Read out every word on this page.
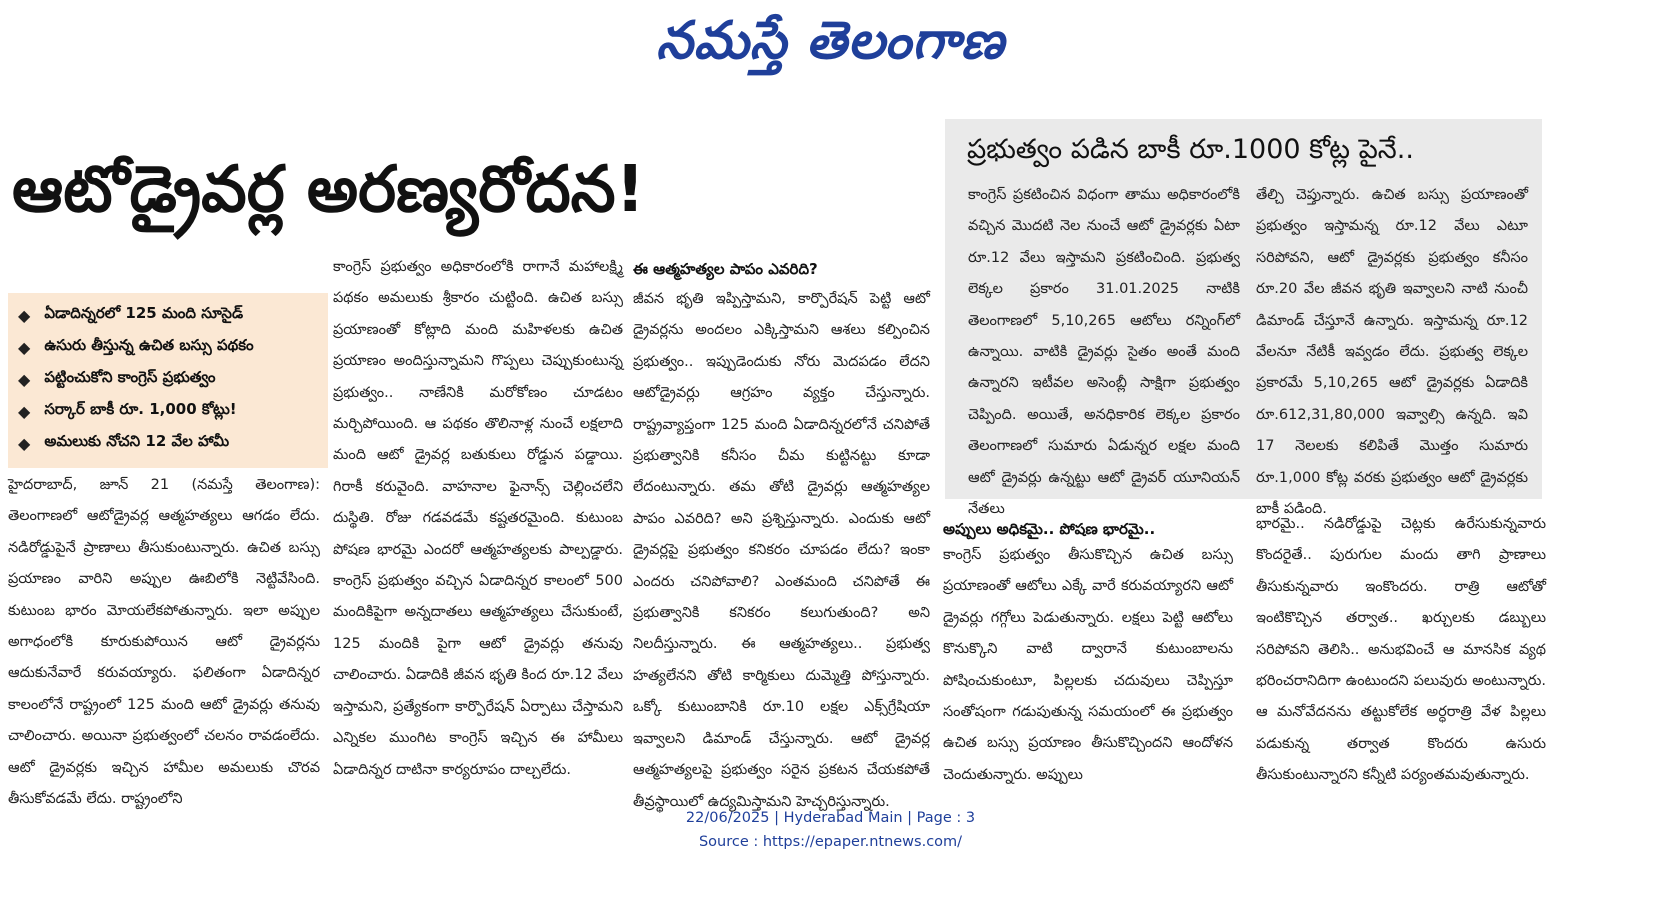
నమస్తే తెలంగాణ
ఆటోడ్రైవర్ల అరణ్యరోదన!
◆ ఏడాదిన్నరలో 125 మంది సూసైడ్
◆ ఉసురు తీస్తున్న ఉచిత బస్సు పథకం
◆ పట్టించుకోని కాంగ్రెస్ ప్రభుత్వం
◆ సర్కార్ బాకీ రూ. 1,000 కోట్లు!
◆ అమలుకు నోచని 12 వేల హామీ

హైదరాబాద్, జూన్ 21 (నమస్తే తెలంగాణ): తెలంగాణలో ఆటోడ్రైవర్ల ఆత్మహత్యలు ఆగడం లేదు. నడిరోడ్డుపైనే ప్రాణాలు తీసుకుంటున్నారు. ఉచిత బస్సు ప్రయాణం వారిని అప్పుల ఊబిలోకి నెట్టివేసింది. కుటుంబ భారం మోయలేకపోతున్నారు. ఇలా అప్పుల అగాధంలోకి కూరుకుపోయిన ఆటో డ్రైవర్లను ఆదుకునేవారే కరువయ్యారు. ఫలితంగా ఏడాదిన్నర కాలంలోనే రాష్ట్రంలో 125 మంది ఆటో డ్రైవర్లు తనువు చాలించారు. అయినా ప్రభుత్వంలో చలనం రావడంలేదు. ఆటో డ్రైవర్లకు ఇచ్చిన హామీల అమలుకు చొరవ తీసుకోవడమే లేదు. రాష్ట్రంలోని

కాంగ్రెస్ ప్రభుత్వం అధికారంలోకి రాగానే మహాలక్ష్మి పథకం అమలుకు శ్రీకారం చుట్టింది. ఉచిత బస్సు ప్రయాణంతో కోట్లాది మంది మహిళలకు ఉచిత ప్రయాణం అందిస్తున్నామని గొప్పలు చెప్పుకుంటున్న ప్రభుత్వం.. నాణేనికి మరోకోణం చూడటం మర్చిపోయింది. ఆ పథకం తొలినాళ్ల నుంచే లక్షలాది మంది ఆటో డ్రైవర్ల బతుకులు రోడ్డున పడ్డాయి. గిరాకీ కరువైంది. వాహనాల ఫైనాన్స్ చెల్లించలేని దుస్థితి. రోజు గడవడమే కష్టతరమైంది. కుటుంబ పోషణ భారమై ఎందరో ఆత్మహత్యలకు పాల్పడ్డారు. కాంగ్రెస్ ప్రభుత్వం వచ్చిన ఏడాదిన్నర కాలంలో 500 మందికిపైగా అన్నదాతలు ఆత్మహత్యలు చేసుకుంటే, 125 మందికి పైగా ఆటో డ్రైవర్లు తనువు చాలించారు. ఏడాదికి జీవన భృతి కింద రూ.12 వేలు ఇస్తామని, ప్రత్యేకంగా కార్పొరేషన్ ఏర్పాటు చేస్తామని ఎన్నికల ముంగిట కాంగ్రెస్ ఇచ్చిన ఈ హామీలు ఏడాదిన్నర దాటినా కార్యరూపం దాల్చలేదు.

ఈ ఆత్మహత్యల పాపం ఎవరిది?

జీవన భృతి ఇప్పిస్తామని, కార్పొరేషన్ పెట్టి ఆటో డ్రైవర్లను అందలం ఎక్కిస్తామని ఆశలు కల్పించిన ప్రభుత్వం.. ఇప్పుడెందుకు నోరు మెదపడం లేదని ఆటోడ్రైవర్లు ఆగ్రహం వ్యక్తం చేస్తున్నారు. రాష్ట్రవ్యాప్తంగా 125 మంది ఏడాదిన్నరలోనే చనిపోతే ప్రభుత్వానికి కనీసం చీమ కుట్టినట్టు కూడా లేదంటున్నారు. తమ తోటి డ్రైవర్లు ఆత్మహత్యల పాపం ఎవరిది? అని ప్రశ్నిస్తున్నారు. ఎందుకు ఆటో డ్రైవర్లపై ప్రభుత్వం కనికరం చూపడం లేదు? ఇంకా ఎందరు చనిపోవాలి? ఎంతమంది చనిపోతే ఈ ప్రభుత్వానికి కనికరం కలుగుతుంది? అని నిలదీస్తున్నారు. ఈ ఆత్మహత్యలు.. ప్రభుత్వ హత్యలేనని తోటి కార్మికులు దుమ్మెత్తి పోస్తున్నారు. ఒక్కో కుటుంబానికి రూ.10 లక్షల ఎక్స్‌గ్రేషియా ఇవ్వాలని డిమాండ్ చేస్తున్నారు. ఆటో డ్రైవర్ల ఆత్మహత్యలపై ప్రభుత్వం సరైన ప్రకటన చేయకపోతే తీవ్రస్థాయిలో ఉద్యమిస్తామని హెచ్చరిస్తున్నారు.

ప్రభుత్వం పడిన బాకీ రూ.1000 కోట్ల పైనే..

కాంగ్రెస్ ప్రకటించిన విధంగా తాము అధికారంలోకి వచ్చిన మొదటి నెల నుంచే ఆటో డ్రైవర్లకు ఏటా రూ.12 వేలు ఇస్తామని ప్రకటించింది. ప్రభుత్వ లెక్కల ప్రకారం 31.01.2025 నాటికి తెలంగాణలో 5,10,265 ఆటోలు రన్నింగ్‌లో ఉన్నాయి. వాటికి డ్రైవర్లు సైతం అంతే మంది ఉన్నారని ఇటీవల అసెంబ్లీ సాక్షిగా ప్రభుత్వం చెప్పింది. అయితే, అనధికారిక లెక్కల ప్రకారం తెలంగాణలో సుమారు ఏడున్నర లక్షల మంది ఆటో డ్రైవర్లు ఉన్నట్టు ఆటో డ్రైవర్ యూనియన్ నేతలు

తేల్చి చెప్తున్నారు. ఉచిత బస్సు ప్రయాణంతో ప్రభుత్వం ఇస్తామన్న రూ.12 వేలు ఎటూ సరిపోవని, ఆటో డ్రైవర్లకు ప్రభుత్వం కనీసం రూ.20 వేల జీవన భృతి ఇవ్వాలని నాటి నుంచీ డిమాండ్ చేస్తూనే ఉన్నారు. ఇస్తామన్న రూ.12 వేలనూ నేటికీ ఇవ్వడం లేదు. ప్రభుత్వ లెక్కల ప్రకారమే 5,10,265 ఆటో డ్రైవర్లకు ఏడాదికి రూ.612,31,80,000 ఇవ్వాల్సి ఉన్నది. ఇవి 17 నెలలకు కలిపితే మొత్తం సుమారు రూ.1,000 కోట్ల వరకు ప్రభుత్వం ఆటో డ్రైవర్లకు బాకీ పడింది.

అప్పులు అధికమై.. పోషణ భారమై..

కాంగ్రెస్ ప్రభుత్వం తీసుకొచ్చిన ఉచిత బస్సు ప్రయాణంతో ఆటోలు ఎక్కే వారే కరువయ్యారని ఆటో డ్రైవర్లు గగ్గోలు పెడుతున్నారు. లక్షలు పెట్టి ఆటోలు కొనుక్కొని వాటి ద్వారానే కుటుంబాలను పోషించుకుంటూ, పిల్లలకు చదువులు చెప్పిస్తూ సంతోషంగా గడుపుతున్న సమయంలో ఈ ప్రభుత్వం ఉచిత బస్సు ప్రయాణం తీసుకొచ్చిందని ఆందోళన చెందుతున్నారు. అప్పులు

భారమై.. నడిరోడ్డుపై చెట్లకు ఉరేసుకున్నవారు కొందరైతే.. పురుగుల మందు తాగి ప్రాణాలు తీసుకున్నవారు ఇంకొందరు. రాత్రి ఆటోతో ఇంటికొచ్చిన తర్వాత.. ఖర్చులకు డబ్బులు సరిపోవని తెలిసి.. అనుభవించే ఆ మానసిక వ్యథ భరించరానిదిగా ఉంటుందని పలువురు అంటున్నారు. ఆ మనోవేదనను తట్టుకోలేక అర్ధరాత్రి వేళ పిల్లలు పడుకున్న తర్వాత కొందరు ఉసురు తీసుకుంటున్నారని కన్నీటి పర్యంతమవుతున్నారు.

22/06/2025 | Hyderabad Main | Page : 3
Source : https://epaper.ntnews.com/
